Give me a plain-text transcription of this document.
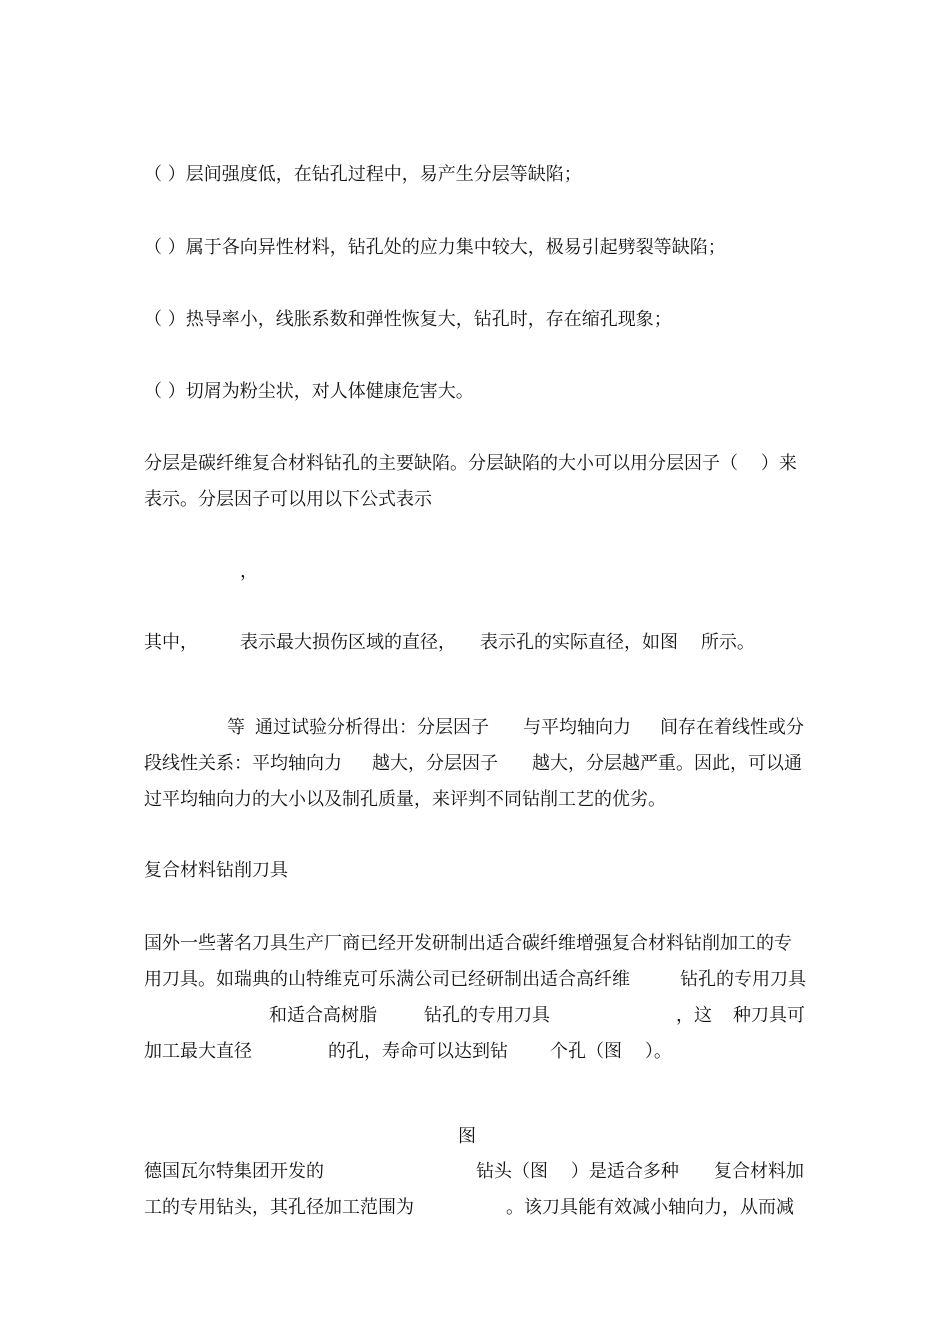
（ ）层间强度低，在钻孔过程中，易产生分层等缺陷；
（ ）属于各向异性材料，钻孔处的应力集中较大，极易引起劈裂等缺陷；
（ ）热导率小，线胀系数和弹性恢复大，钻孔时，存在缩孔现象；
（ ）切屑为粉尘状，对人体健康危害大。
分层是碳纤维复合材料钻孔的主要缺陷。分层缺陷的大小可以用分层因子（    ）来
表示。分层因子可以用以下公式表示
，
其中， 表示最大损伤区域的直径， 表示孔的实际直径，如图    所示。
等 通过试验分析得出：分层因子 与平均轴向力 间存在着线性或分
段线性关系：平均轴向力 越大，分层因子 越大，分层越严重。因此，可以通
过平均轴向力的大小以及制孔质量，来评判不同钻削工艺的优劣。
复合材料钻削刀具
国外一些著名刀具生产厂商已经开发研制出适合碳纤维增强复合材料钻削加工的专
用刀具。如瑞典的山特维克可乐满公司已经研制出适合高纤维	钻孔的专用刀具
和适合高树脂	钻孔的专用刀具	，这 种刀具可
加工最大直径	的孔，寿命可以达到钻 个孔（图    ）。
图
德国瓦尔特集团开发的	钻头（图    ）是适合多种 复合材料加
工的专用钻头，其孔径加工范围为	。该刀具能有效减小轴向力，从而减
